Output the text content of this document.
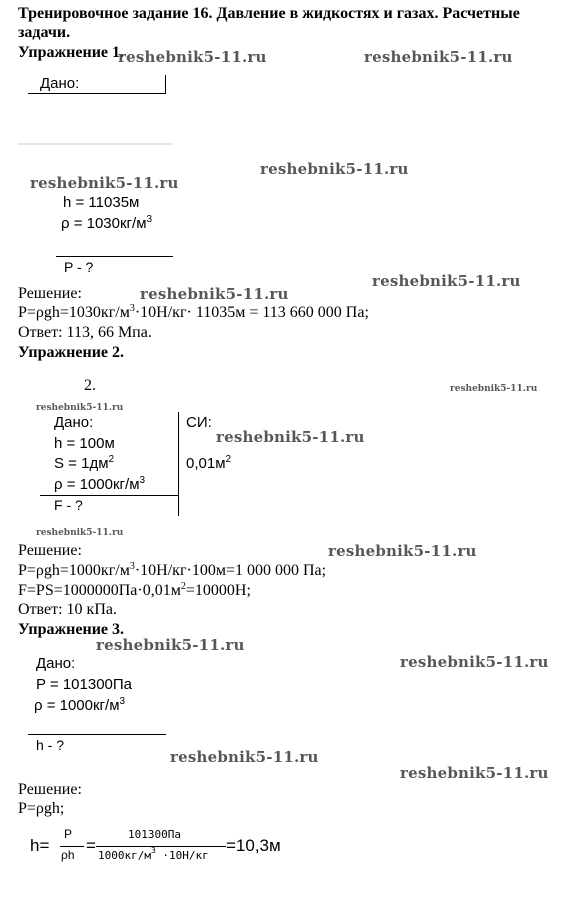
Тренировочное задание 16. Давление в жидкостях и газах. Расчетные задачи.
Упражнение 1.
reshebnik5-11.ru	reshebnik5-11.ru
Дано:
reshebnik5-11.ru
reshebnik5-11.ru
h = 11035м
$\rho = 1030кг/м^3$
P - ?
reshebnik5-11.ru
Решение:	reshebnik5-11.ru
$P=\rho gh=1030кг/м^3\cdot 10Н/кг\cdot 11035м = 113$ 660 000 Па;
Ответ: 113, 66 Мпа.
Упражнение 2.
2.	reshebnik5-11.ru
reshebnik5-11.ru
Дано:	СИ:
reshebnik5-11.ru
h = 100м
$S = 1дм^2$	$0,01м^2$
$\rho = 1000кг/м^3$
F - ?
reshebnik5-11.ru
Решение:	reshebnik5-11.ru
$P=\rho gh=1000кг/м^3\cdot 10Н/кг\cdot 100м=1$ 000 000 Па;
$F=PS=1000000Па\cdot 0,01м^2=10000Н$;
Ответ: 10 кПа.
Упражнение 3.
reshebnik5-11.ru
reshebnik5-11.ru
Дано:
P = 101300Па
$\rho = 1000кг/м^3$
h - ?
reshebnik5-11.ru
reshebnik5-11.ru
Решение:
P=ρgh;
h=
P
ρh =
101300Па
$1000кг/м^3 \cdot 10Н/кг$
=10,3м
